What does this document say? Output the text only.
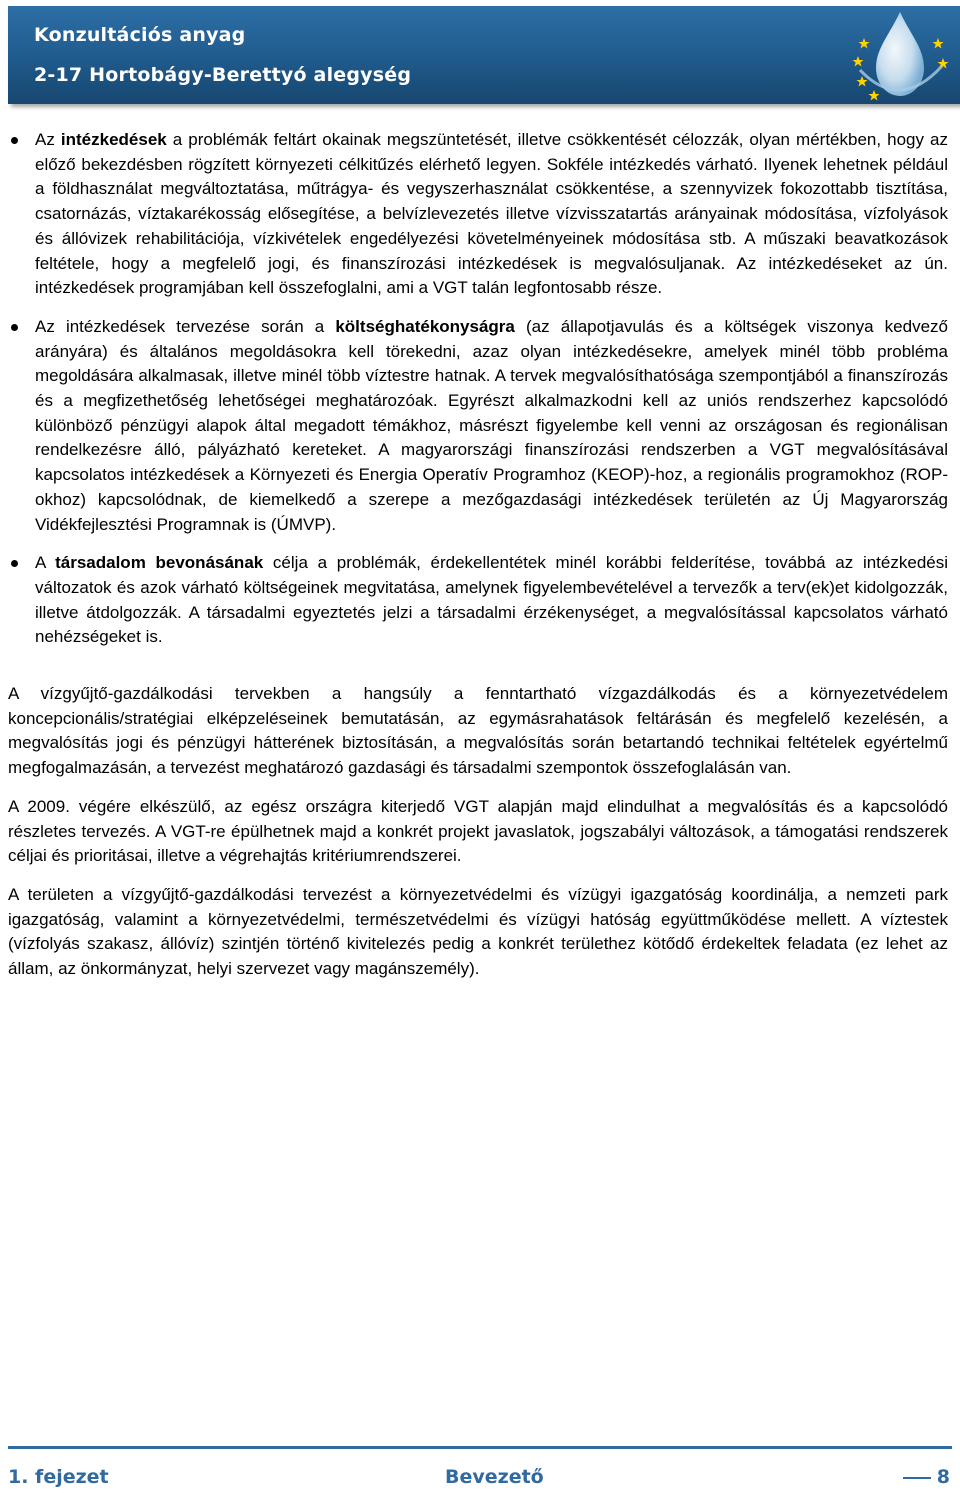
Konzultációs anyag
2-17 Hortobágy-Berettyó alegység
Az intézkedések a problémák feltárt okainak megszüntetését, illetve csökkentését célozzák, olyan mértékben, hogy az előző bekezdésben rögzített környezeti célkitűzés elérhető legyen. Sokféle intézkedés várható. Ilyenek lehetnek például a földhasználat megváltoztatása, műtrágya- és vegyszerhasználat csökkentése, a szennyvizek fokozottabb tisztítása, csatornázás, víztakarékosság elősegítése, a belvízlevezetés illetve vízvisszatartás arányainak módosítása, vízfolyások és állóvizek rehabilitációja, vízkivételek engedélyezési követelményeinek módosítása stb. A műszaki beavatkozások feltétele, hogy a megfelelő jogi, és finanszírozási intézkedések is megvalósuljanak. Az intézkedéseket az ún. intézkedések programjában kell összefoglalni, ami a VGT talán legfontosabb része.
Az intézkedések tervezése során a költséghatékonyságra (az állapotjavulás és a költségek viszonya kedvező arányára) és általános megoldásokra kell törekedni, azaz olyan intézkedésekre, amelyek minél több probléma megoldására alkalmasak, illetve minél több víztestre hatnak. A tervek megvalósíthatósága szempontjából a finanszírozás és a megfizethetőség lehetőségei meghatározóak. Egyrészt alkalmazkodni kell az uniós rendszerhez kapcsolódó különböző pénzügyi alapok által megadott témákhoz, másrészt figyelembe kell venni az országosan és regionálisan rendelkezésre álló, pályázható kereteket. A magyarországi finanszírozási rendszerben a VGT megvalósításával kapcsolatos intézkedések a Környezeti és Energia Operatív Programhoz (KEOP)-hoz, a regionális programokhoz (ROP-okhoz) kapcsolódnak, de kiemelkedő a szerepe a mezőgazdasági intézkedések területén az Új Magyarország Vidékfejlesztési Programnak is (ÚMVP).
A társadalom bevonásának célja a problémák, érdekellentétek minél korábbi felderítése, továbbá az intézkedési változatok és azok várható költségeinek megvitatása, amelynek figyelembevételével a tervezők a terv(ek)et kidolgozzák, illetve átdolgozzák. A társadalmi egyeztetés jelzi a társadalmi érzékenységet, a megvalósítással kapcsolatos várható nehézségeket is.

A vízgyűjtő-gazdálkodási tervekben a hangsúly a fenntartható vízgazdálkodás és a környezetvédelem koncepcionális/stratégiai elképzeléseinek bemutatásán, az egymásrahatások feltárásán és megfelelő kezelésén, a megvalósítás jogi és pénzügyi hátterének biztosításán, a megvalósítás során betartandó technikai feltételek egyértelmű megfogalmazásán, a tervezést meghatározó gazdasági és társadalmi szempontok összefoglalásán van.

A 2009. végére elkészülő, az egész országra kiterjedő VGT alapján majd elindulhat a megvalósítás és a kapcsolódó részletes tervezés. A VGT-re épülhetnek majd a konkrét projekt javaslatok, jogszabályi változások, a támogatási rendszerek céljai és prioritásai, illetve a végrehajtás kritériumrendszerei.

A területen a vízgyűjtő-gazdálkodási tervezést a környezetvédelmi és vízügyi igazgatóság koordinálja, a nemzeti park igazgatóság, valamint a környezetvédelmi, természetvédelmi és vízügyi hatóság együttműködése mellett. A víztestek (vízfolyás szakasz, állóvíz) szintjén történő kivitelezés pedig a konkrét területhez kötődő érdekeltek feladata (ez lehet az állam, az önkormányzat, helyi szervezet vagy magánszemély).

1. fejezet	Bevezető	8
